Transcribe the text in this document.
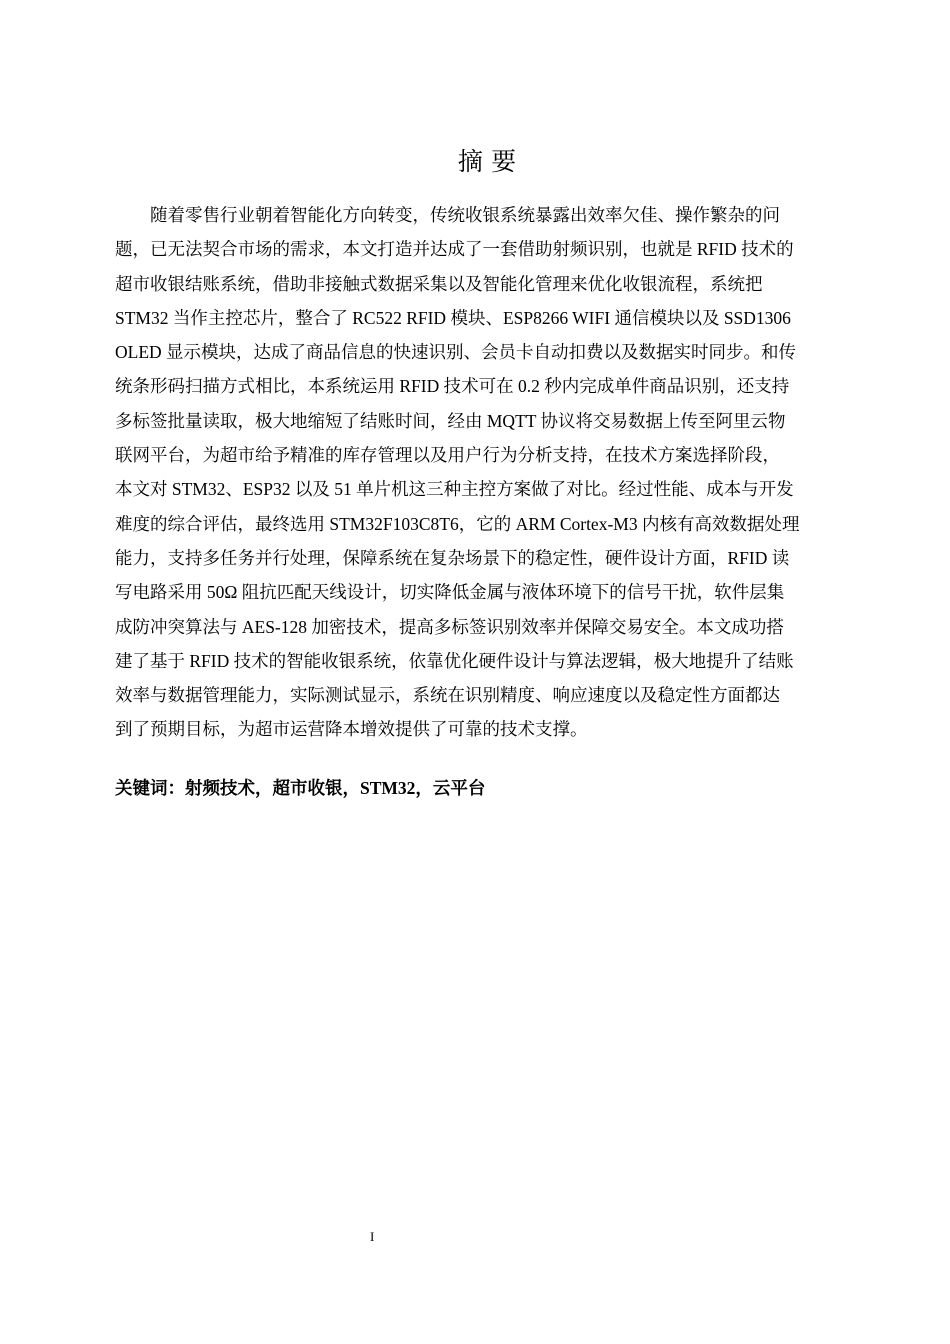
摘 要
随着零售行业朝着智能化方向转变，传统收银系统暴露出效率欠佳、操作繁杂的问
题，已无法契合市场的需求，本文打造并达成了一套借助射频识别，也就是 RFID 技术的
超市收银结账系统，借助非接触式数据采集以及智能化管理来优化收银流程，系统把
STM32 当作主控芯片，整合了 RC522 RFID 模块、ESP8266 WIFI 通信模块以及 SSD1306
OLED 显示模块，达成了商品信息的快速识别、会员卡自动扣费以及数据实时同步。和传
统条形码扫描方式相比，本系统运用 RFID 技术可在 0.2 秒内完成单件商品识别，还支持
多标签批量读取，极大地缩短了结账时间，经由 MQTT 协议将交易数据上传至阿里云物
联网平台，为超市给予精准的库存管理以及用户行为分析支持，在技术方案选择阶段，
本文对 STM32、ESP32 以及 51 单片机这三种主控方案做了对比。经过性能、成本与开发
难度的综合评估，最终选用 STM32F103C8T6，它的 ARM Cortex-M3 内核有高效数据处理
能力，支持多任务并行处理，保障系统在复杂场景下的稳定性，硬件设计方面，RFID 读
写电路采用 50Ω 阻抗匹配天线设计，切实降低金属与液体环境下的信号干扰，软件层集
成防冲突算法与 AES-128 加密技术，提高多标签识别效率并保障交易安全。本文成功搭
建了基于 RFID 技术的智能收银系统，依靠优化硬件设计与算法逻辑，极大地提升了结账
效率与数据管理能力，实际测试显示，系统在识别精度、响应速度以及稳定性方面都达
到了预期目标，为超市运营降本增效提供了可靠的技术支撑。

关键词：射频技术，超市收银，STM32，云平台

I
